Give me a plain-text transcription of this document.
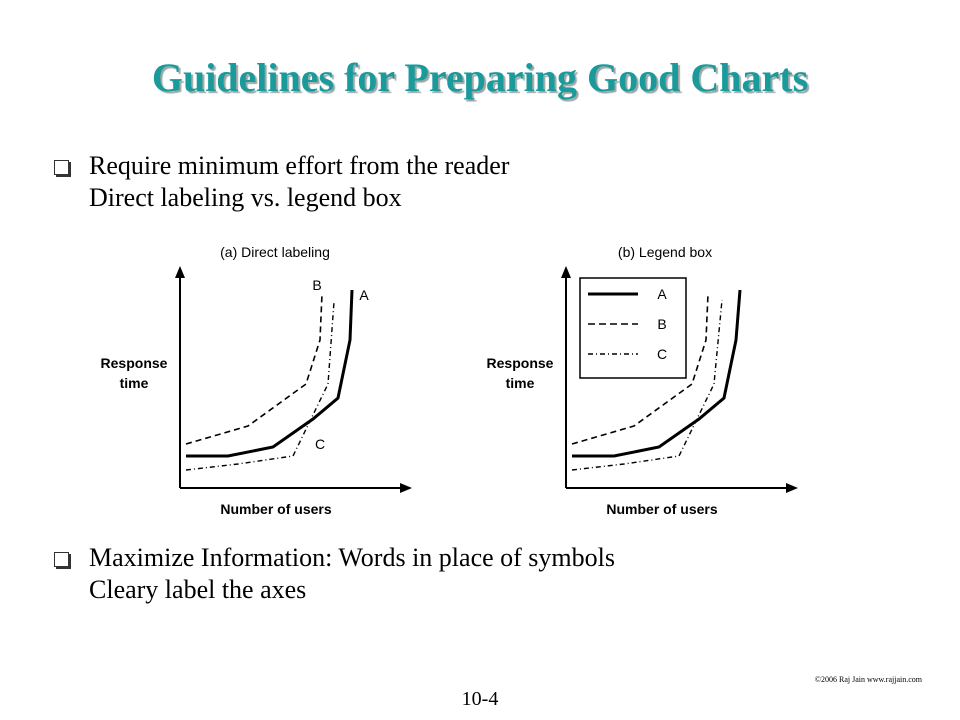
Guidelines for Preparing Good Charts
Require minimum effort from the reader
Direct labeling vs. legend box
(a) Direct labeling
Response
time
Number of users
A
B
C
(b) Legend box
Response
time
Number of users
A
B
C
Maximize Information: Words in place of symbols
Cleary label the axes
©2006 Raj Jain www.rajjain.com
10-4
